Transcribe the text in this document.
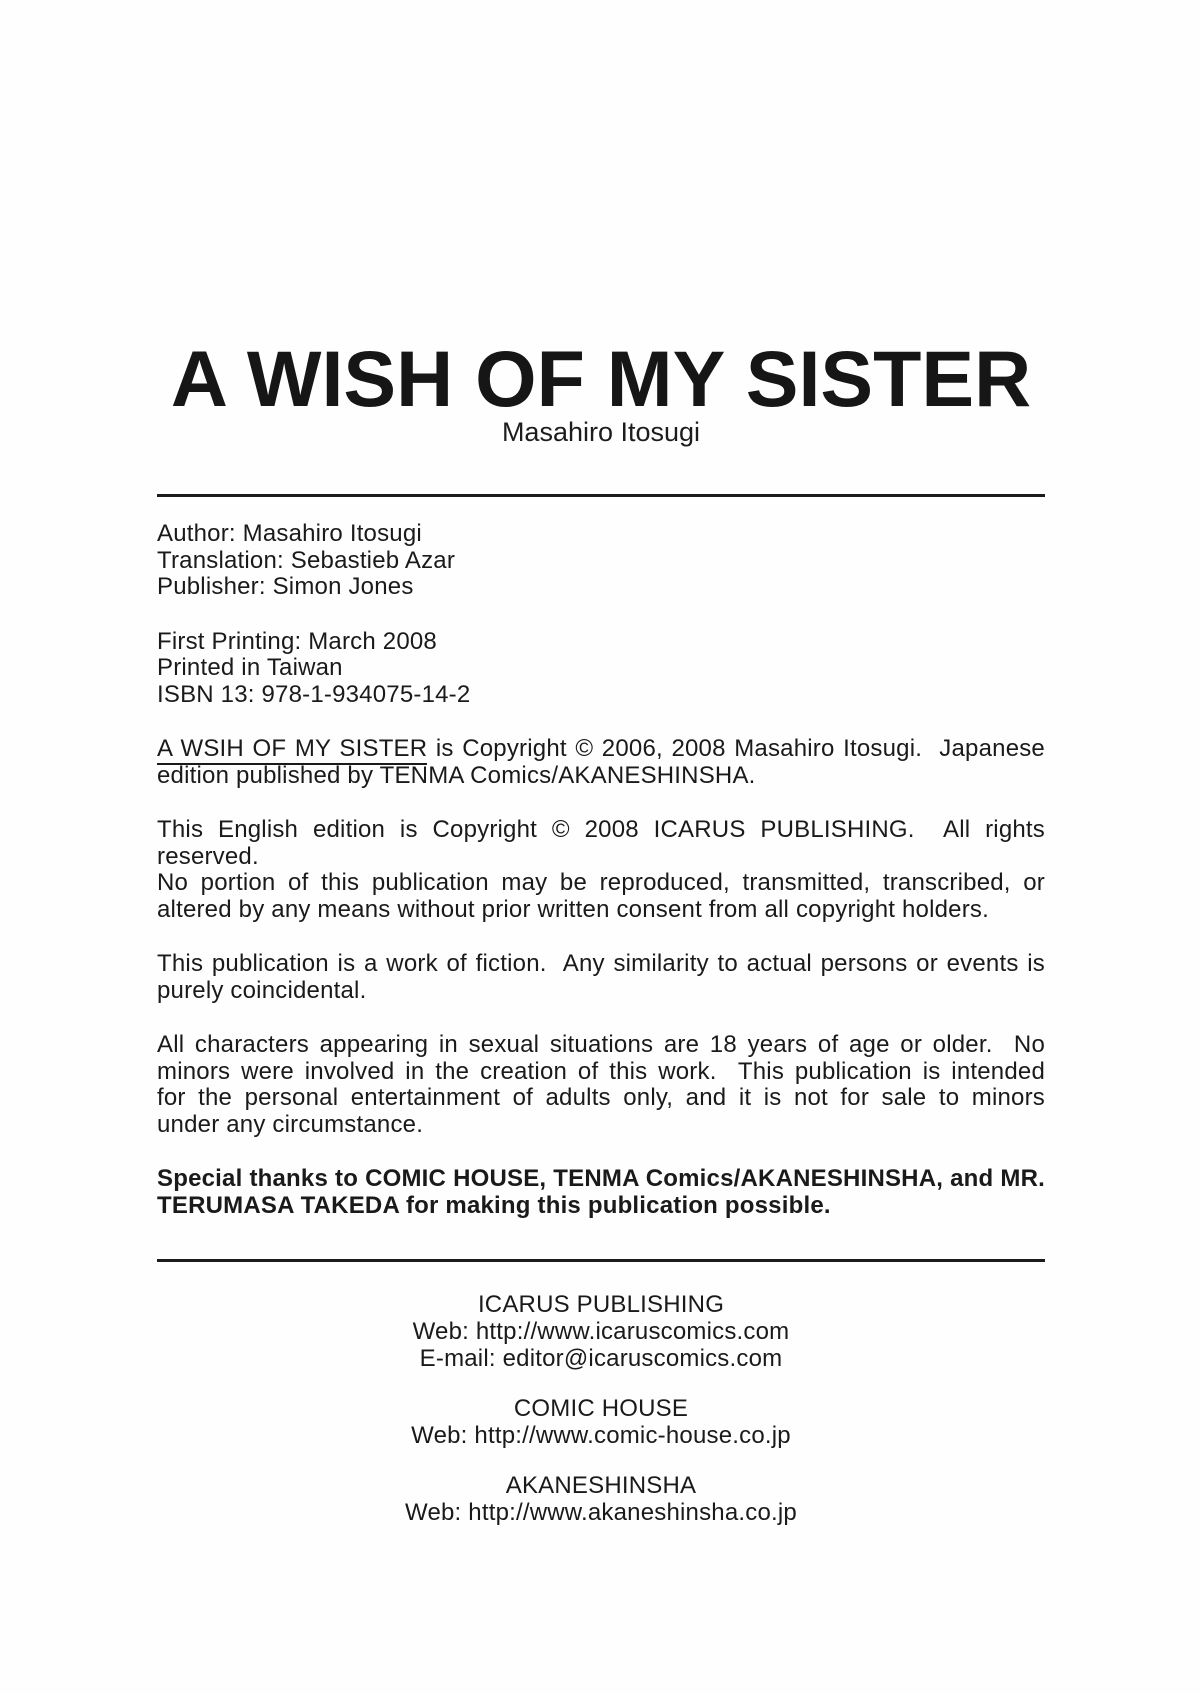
A WISH OF MY SISTER
Masahiro Itosugi
Author: Masahiro Itosugi
Translation: Sebastieb Azar
Publisher: Simon Jones
First Printing: March 2008
Printed in Taiwan
ISBN 13: 978-1-934075-14-2
A WSIH OF MY SISTER is Copyright © 2006, 2008 Masahiro Itosugi.  Japanese
edition published by TENMA Comics/AKANESHINSHA.
This English edition is Copyright © 2008 ICARUS PUBLISHING.  All rights reserved.
No portion of this publication may be reproduced, transmitted, transcribed, or
altered by any means without prior written consent from all copyright holders.
This publication is a work of fiction.  Any similarity to actual persons or events is
purely coincidental.
All characters appearing in sexual situations are 18 years of age or older.  No
minors were involved in the creation of this work.  This publication is intended
for the personal entertainment of adults only, and it is not for sale to minors
under any circumstance.
Special thanks to COMIC HOUSE, TENMA Comics/AKANESHINSHA, and MR.
TERUMASA TAKEDA for making this publication possible.
ICARUS PUBLISHING
Web: http://www.icaruscomics.com
E-mail: editor@icaruscomics.com
COMIC HOUSE
Web: http://www.comic-house.co.jp
AKANESHINSHA
Web: http://www.akaneshinsha.co.jp
